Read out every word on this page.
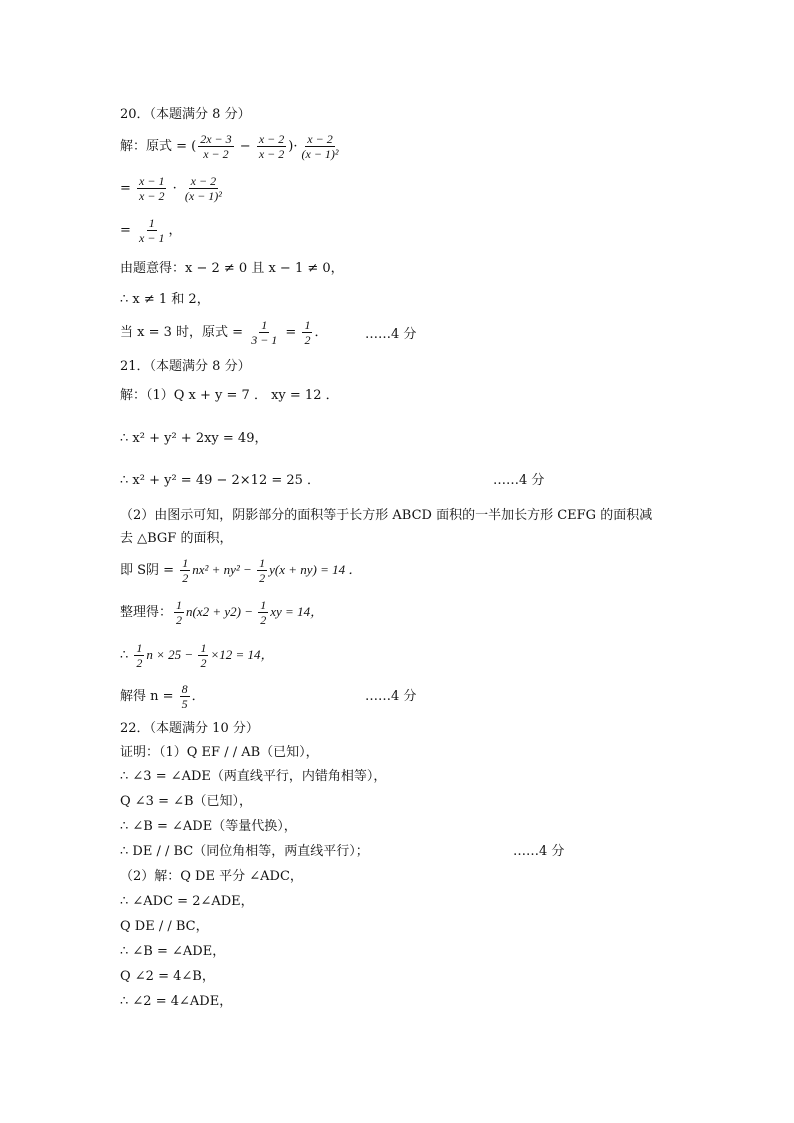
20．（本题满分 8 分）
解：原式 = ( $\frac{2x - 3}{x - 2} - \frac{x - 2}{x - 2}$ )· $\frac{x - 2}{\text{(x − 1)²}}$
= $\frac{x - 1}{x - 2} \cdot \frac{x - 2}{\text{(x − 1)²}}$
= $\frac{1}{x - 1}$ ，
由题意得：x − 2 ≠ 0 且 x − 1 ≠ 0，
∴ x ≠ 1 和 2，
当 x = 3 时，原式 = $\frac{1}{3 - 1} = \frac{1}{2}$ ．	……4 分
21．（本题满分 8 分）
解：（1）Q x + y = 7 ． xy = 12 ．
∴ x² + y² + 2xy = 49，
∴ x² + y² = 49 − 2×12 = 25 ．	……4 分
（2）由图示可知，阴影部分的面积等于长方形 ABCD 面积的一半加长方形 CEFG 的面积减
去 △BGF 的面积，
即 S阴 = $\frac{1}{2} nx^2 + ny^2 - \frac{1}{2} y(x + ny) = 14$ ．
整理得： $\frac{1}{2} n(x2 + y2) - \frac{1}{2}$ xy = 14，
∴ $\frac{1}{2}$ $n \times 25 - \frac{1}{2} \times 12 = 14$，
解得 $n = \frac{8}{5}$ ．	……4 分
22．（本题满分 10 分）
证明：（1）Q EF / / AB（已知），
∴ ∠3 = ∠ADE（两直线平行，内错角相等），
Q ∠3 = ∠B（已知），
∴ ∠B = ∠ADE（等量代换），
∴ DE / / BC（同位角相等，两直线平行）；	……4 分
（2）解：Q DE 平分 ∠ADC，
∴ ∠ADC = 2∠ADE，
Q DE / / BC，
∴ ∠B = ∠ADE，
Q ∠2 = 4∠B，
∴ ∠2 = 4∠ADE，
